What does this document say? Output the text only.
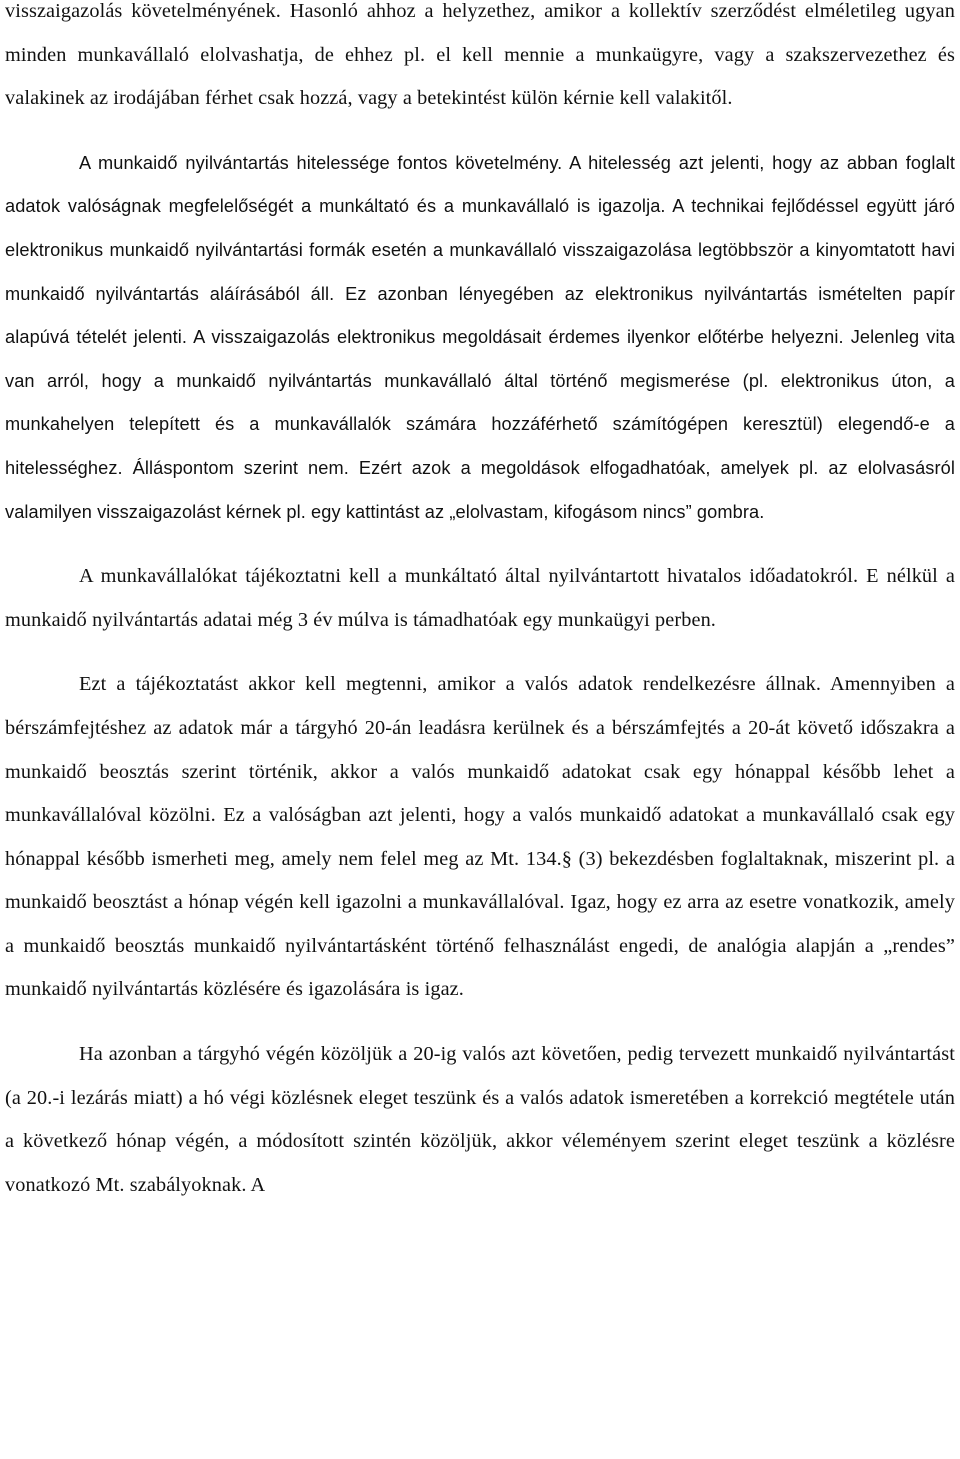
visszaigazolás követelményének. Hasonló ahhoz a helyzethez, amikor a kollektív szerződést elméletileg ugyan minden munkavállaló elolvashatja, de ehhez pl. el kell mennie a munkaügyre, vagy a szakszervezethez és valakinek az irodájában férhet csak hozzá, vagy a betekintést külön kérnie kell valakitől.

A munkaidő nyilvántartás hitelessége fontos követelmény. A hitelesség azt jelenti, hogy az abban foglalt adatok valóságnak megfelelőségét a munkáltató és a munkavállaló is igazolja. A technikai fejlődéssel együtt járó elektronikus munkaidő nyilvántartási formák esetén a munkavállaló visszaigazolása legtöbbször a kinyomtatott havi munkaidő nyilvántartás aláírásából áll. Ez azonban lényegében az elektronikus nyilvántartás ismételten papír alapúvá tételét jelenti. A visszaigazolás elektronikus megoldásait érdemes ilyenkor előtérbe helyezni. Jelenleg vita van arról, hogy a munkaidő nyilvántartás munkavállaló által történő megismerése (pl. elektronikus úton, a munkahelyen telepített és a munkavállalók számára hozzáférhető számítógépen keresztül) elegendő-e a hitelességhez. Álláspontom szerint nem. Ezért azok a megoldások elfogadhatóak, amelyek pl. az elolvasásról valamilyen visszaigazolást kérnek pl. egy kattintást az „elolvastam, kifogásom nincs” gombra.

A munkavállalókat tájékoztatni kell a munkáltató által nyilvántartott hivatalos időadatokról. E nélkül a munkaidő nyilvántartás adatai még 3 év múlva is támadhatóak egy munkaügyi perben.

Ezt a tájékoztatást akkor kell megtenni, amikor a valós adatok rendelkezésre állnak. Amennyiben a bérszámfejtéshez az adatok már a tárgyhó 20-án leadásra kerülnek és a bérszámfejtés a 20-át követő időszakra a munkaidő beosztás szerint történik, akkor a valós munkaidő adatokat csak egy hónappal később lehet a munkavállalóval közölni. Ez a valóságban azt jelenti, hogy a valós munkaidő adatokat a munkavállaló csak egy hónappal később ismerheti meg, amely nem felel meg az Mt. 134.§ (3) bekezdésben foglaltaknak, miszerint pl. a munkaidő beosztást a hónap végén kell igazolni a munkavállalóval. Igaz, hogy ez arra az esetre vonatkozik, amely a munkaidő beosztás munkaidő nyilvántartásként történő felhasználást engedi, de analógia alapján a „rendes” munkaidő nyilvántartás közlésére és igazolására is igaz.

Ha azonban a tárgyhó végén közöljük a 20-ig valós azt követően, pedig tervezett munkaidő nyilvántartást (a 20.-i lezárás miatt) a hó végi közlésnek eleget teszünk és a valós adatok ismeretében a korrekció megtétele után a következő hónap végén, a módosított szintén közöljük, akkor véleményem szerint eleget teszünk a közlésre vonatkozó Mt. szabályoknak. A
